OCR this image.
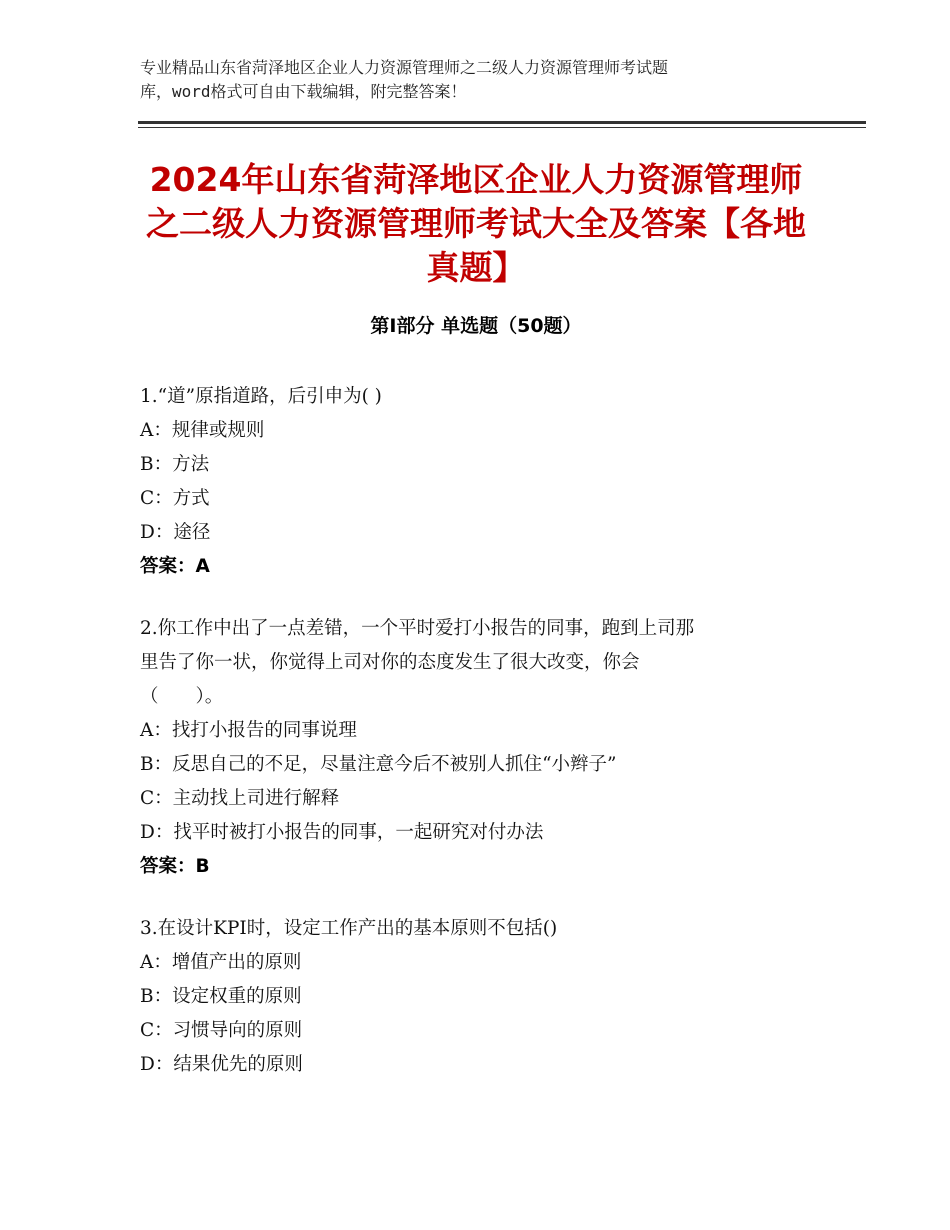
专业精品山东省菏泽地区企业人力资源管理师之二级人力资源管理师考试题
库，word格式可自由下载编辑，附完整答案！
2024年山东省菏泽地区企业人力资源管理师之二级人力资源管理师考试大全及答案【各地真题】
第Ⅰ部分 单选题（50题）
1.“道”原指道路，后引申为( )
A：规律或规则
B：方法
C：方式
D：途径
答案：A
2.你工作中出了一点差错，一个平时爱打小报告的同事，跑到上司那
里告了你一状，你觉得上司对你的态度发生了很大改变，你会
（　　）。
A：找打小报告的同事说理
B：反思自己的不足，尽量注意今后不被别人抓住“小辫子”
C：主动找上司进行解释
D：找平时被打小报告的同事，一起研究对付办法
答案：B
3.在设计KPI时，设定工作产出的基本原则不包括()
A：增值产出的原则
B：设定权重的原则
C：习惯导向的原则
D：结果优先的原则
